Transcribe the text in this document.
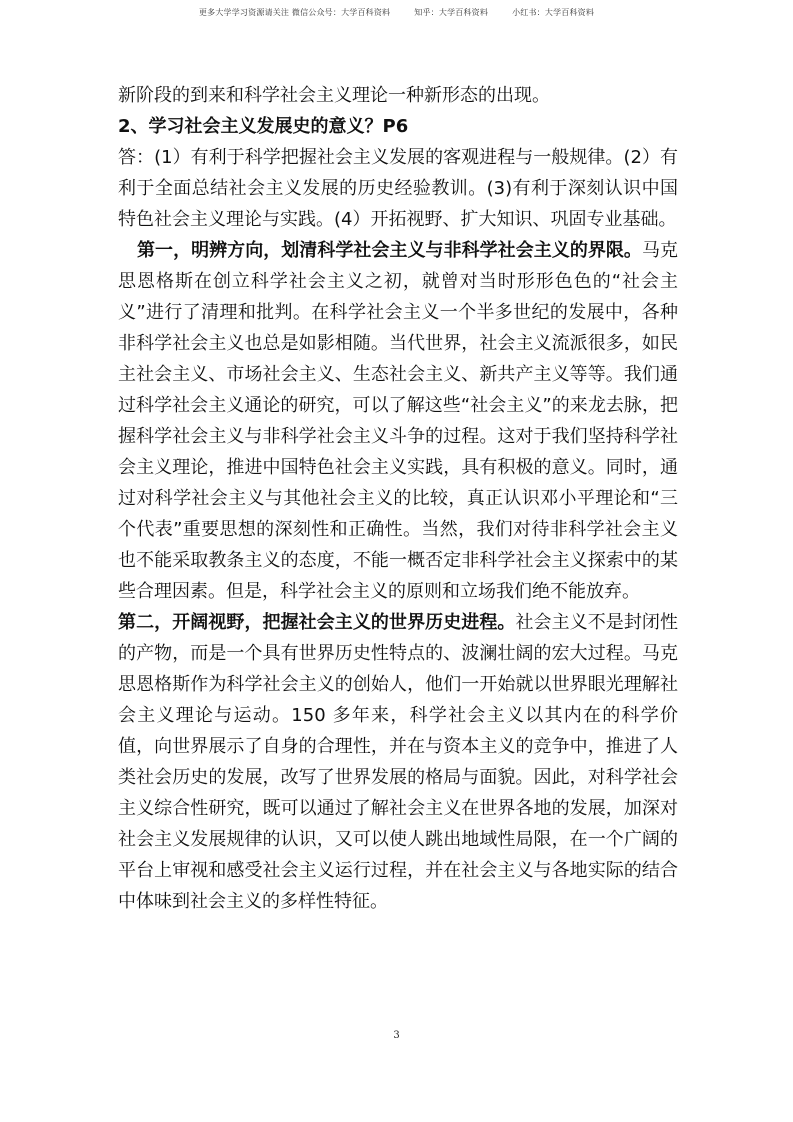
更多大学学习资源请关注 微信公众号：大学百科资料	知乎：大学百科资料	小红书：大学百科资料

新阶段的到来和科学社会主义理论一种新形态的出现。

2、学习社会主义发展史的意义？P6

答：(1）有利于科学把握社会主义发展的客观进程与一般规律。(2）有利于全面总结社会主义发展的历史经验教训。(3)有利于深刻认识中国特色社会主义理论与实践。(4）开拓视野、扩大知识、巩固专业基础。

第一，明辨方向，划清科学社会主义与非科学社会主义的界限。马克思恩格斯在创立科学社会主义之初，就曾对当时形形色色的“社会主义”进行了清理和批判。在科学社会主义一个半多世纪的发展中，各种非科学社会主义也总是如影相随。当代世界，社会主义流派很多，如民主社会主义、市场社会主义、生态社会主义、新共产主义等等。我们通过科学社会主义通论的研究，可以了解这些“社会主义”的来龙去脉，把握科学社会主义与非科学社会主义斗争的过程。这对于我们坚持科学社会主义理论，推进中国特色社会主义实践，具有积极的意义。同时，通过对科学社会主义与其他社会主义的比较，真正认识邓小平理论和“三个代表”重要思想的深刻性和正确性。当然，我们对待非科学社会主义也不能采取教条主义的态度，不能一概否定非科学社会主义探索中的某些合理因素。但是，科学社会主义的原则和立场我们绝不能放弃。

第二，开阔视野，把握社会主义的世界历史进程。社会主义不是封闭性的产物，而是一个具有世界历史性特点的、波澜壮阔的宏大过程。马克思恩格斯作为科学社会主义的创始人，他们一开始就以世界眼光理解社会主义理论与运动。150 多年来，科学社会主义以其内在的科学价值，向世界展示了自身的合理性，并在与资本主义的竞争中，推进了人类社会历史的发展，改写了世界发展的格局与面貌。因此，对科学社会主义综合性研究，既可以通过了解社会主义在世界各地的发展，加深对社会主义发展规律的认识，又可以使人跳出地域性局限，在一个广阔的平台上审视和感受社会主义运行过程，并在社会主义与各地实际的结合中体味到社会主义的多样性特征。

3
